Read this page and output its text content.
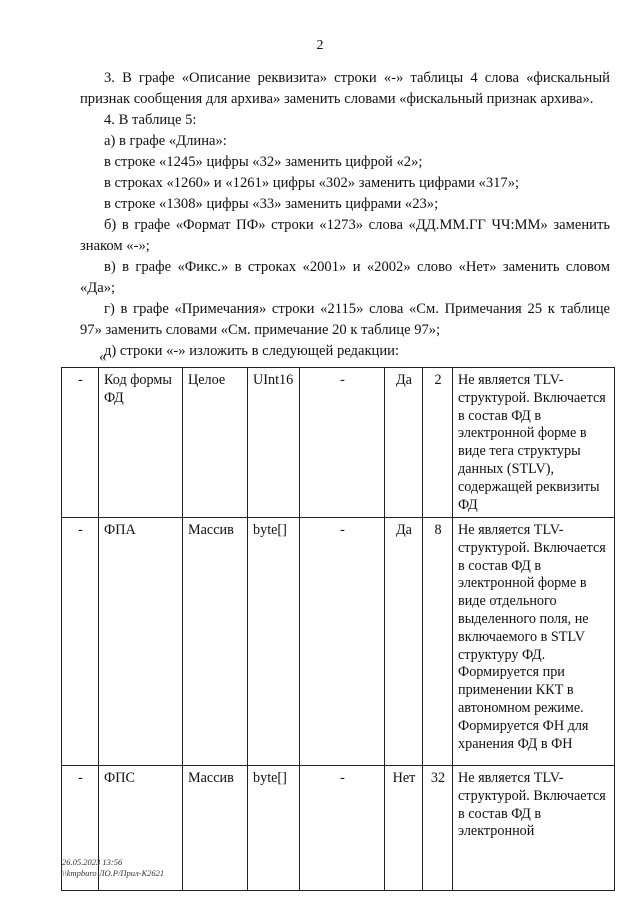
2

3. В графе «Описание реквизита» строки «-» таблицы 4 слова «фискальный признак сообщения для архива» заменить словами «фискальный признак архива».

4. В таблице 5:

а) в графе «Длина»:

в строке «1245» цифры «32» заменить цифрой «2»;

в строках «1260» и «1261» цифры «302» заменить цифрами «317»;

в строке «1308» цифры «33» заменить цифрами «23»;

б) в графе «Формат ПФ» строки «1273» слова «ДД.ММ.ГГ ЧЧ:ММ» заменить знаком «-»;

в) в графе «Фикс.» в строках «2001» и «2002» слово «Нет» заменить словом «Да»;

г) в графе «Примечания» строки «2115» слова «См. Примечания 25 к таблице 97» заменить словами «См. примечание 20 к таблице 97»;

д) строки «-» изложить в следующей редакции:

«
-	Код формы ФД	Целое	UInt16	-	Да	2	Не является TLV-структурой. Включается в состав ФД в электронной форме в виде тега структуры данных (STLV), содержащей реквизиты ФД
-	ФПА	Массив	byte[]	-	Да	8	Не является TLV-структурой. Включается в состав ФД в электронной форме в виде отдельного выделенного поля, не включаемого в STLV структуру ФД. Формируется при применении ККТ в автономном режиме. Формируется ФН для хранения ФД в ФН
-	ФПС	Массив	byte[]	-	Нет	32	Не является TLV-структурой. Включается в состав ФД в электронной
26.05.2023 13:56
\\kmpburo ЛО.Р/Прил-К2621
